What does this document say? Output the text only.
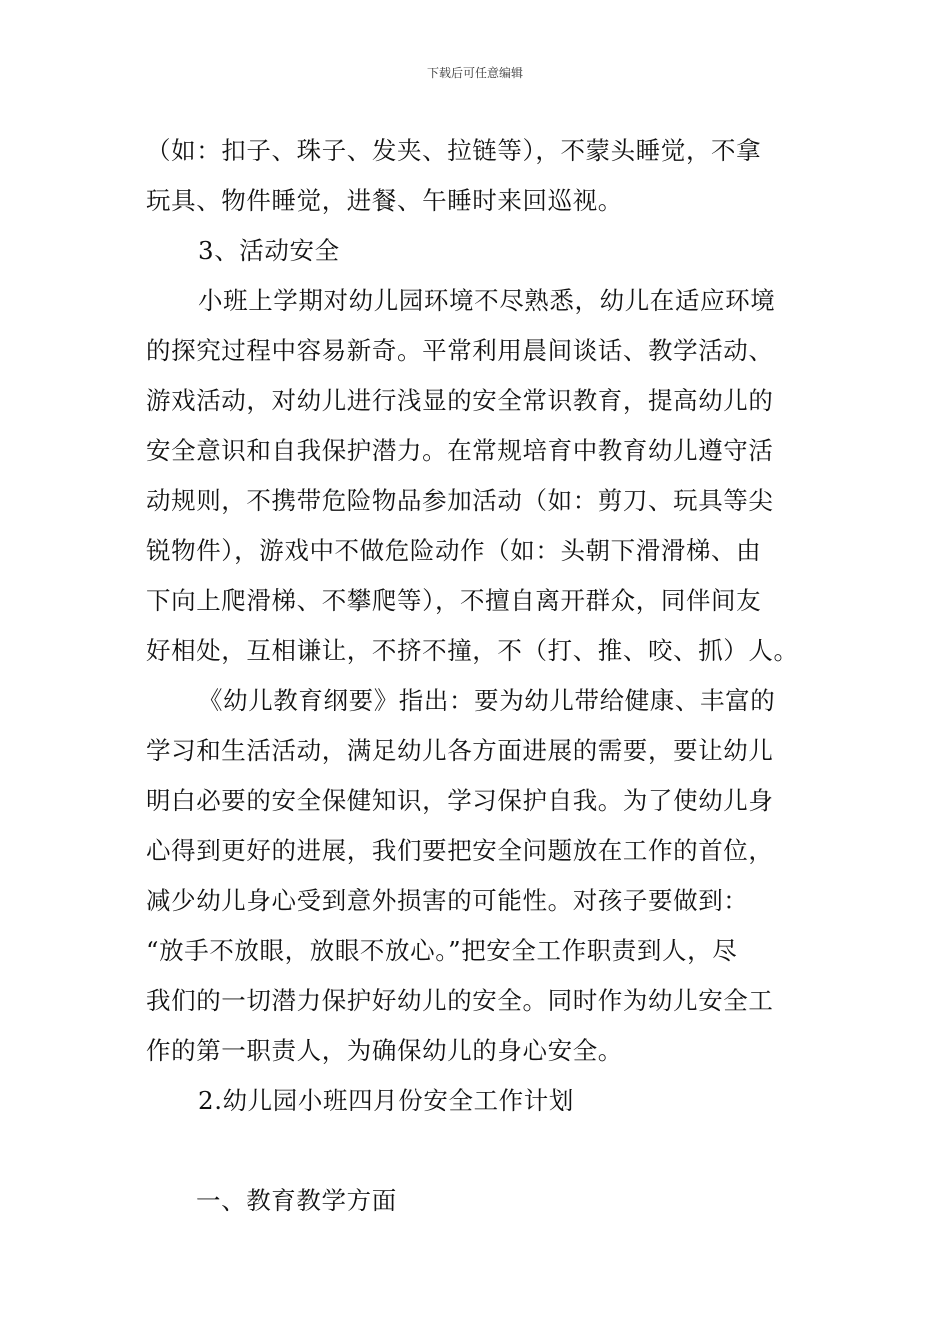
下载后可任意编辑
（如：扣子、珠子、发夹、拉链等），不蒙头睡觉，不拿
玩具、物件睡觉，进餐、午睡时来回巡视。
3、活动安全
小班上学期对幼儿园环境不尽熟悉，幼儿在适应环境
的探究过程中容易新奇。平常利用晨间谈话、教学活动、
游戏活动，对幼儿进行浅显的安全常识教育，提高幼儿的
安全意识和自我保护潜力。在常规培育中教育幼儿遵守活
动规则，不携带危险物品参加活动（如：剪刀、玩具等尖
锐物件），游戏中不做危险动作（如：头朝下滑滑梯、由
下向上爬滑梯、不攀爬等），不擅自离开群众，同伴间友
好相处，互相谦让，不挤不撞，不（打、推、咬、抓）人。
《幼儿教育纲要》指出：要为幼儿带给健康、丰富的
学习和生活活动，满足幼儿各方面进展的需要，要让幼儿
明白必要的安全保健知识，学习保护自我。为了使幼儿身
心得到更好的进展，我们要把安全问题放在工作的首位，
减少幼儿身心受到意外损害的可能性。对孩子要做到：
“放手不放眼，放眼不放心。”把安全工作职责到人，尽
我们的一切潜力保护好幼儿的安全。同时作为幼儿安全工
作的第一职责人，为确保幼儿的身心安全。
2.幼儿园小班四月份安全工作计划
一、教育教学方面
